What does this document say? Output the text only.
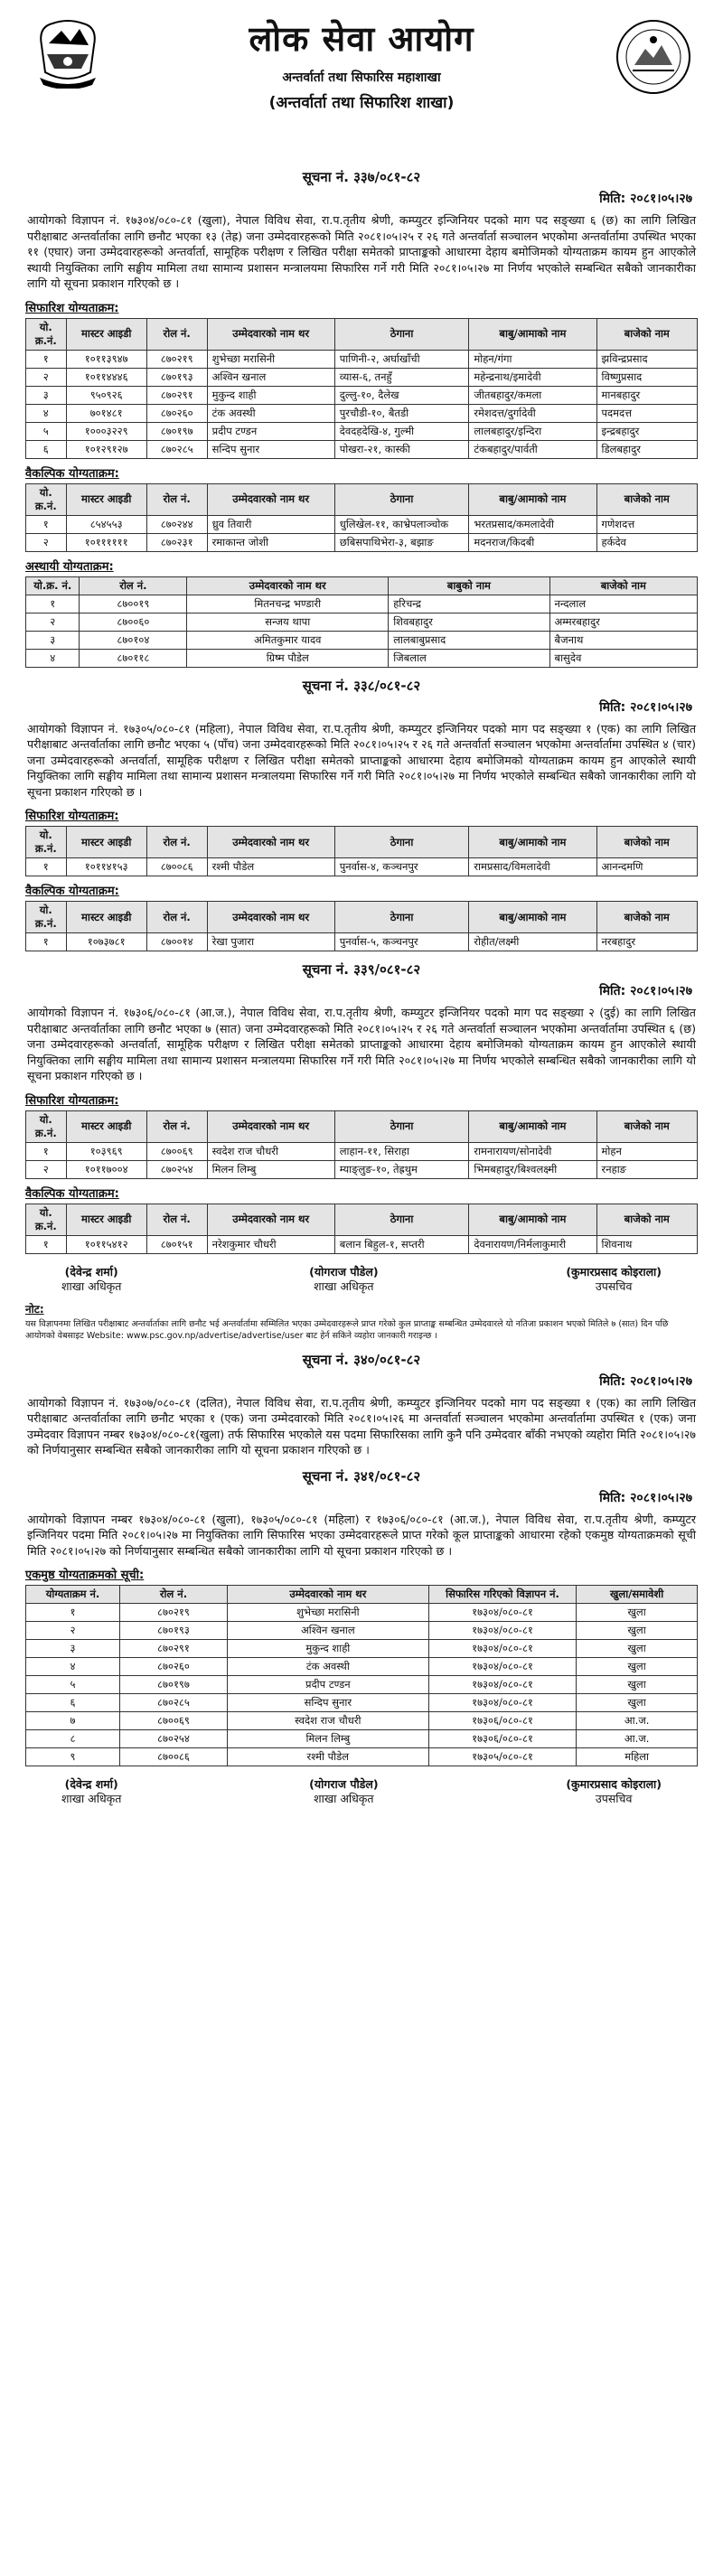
लोक सेवा आयोग
अन्तर्वार्ता तथा सिफारिस महाशाखा
(अन्तर्वार्ता तथा सिफारिश शाखा)
सूचना नं. ३३७/०८१-८२
मिति: २०८१।०५।२७

आयोगको विज्ञापन नं. १७३०४/०८०-८१ (खुला), नेपाल विविध सेवा, रा.प.तृतीय श्रेणी, कम्प्युटर इन्जिनियर पदको माग पद सङ्ख्या ६ (छ) का लागि लिखित परीक्षाबाट अन्तर्वार्ताका लागि छनौट भएका १३ (तेह्र) जना उम्मेदवारहरूको मिति २०८१।०५।२५ र २६ गते अन्तर्वार्ता सञ्चालन भएकोमा अन्तर्वार्तामा उपस्थित भएका ११ (एघार) जना उम्मेदवारहरूको अन्तर्वार्ता, सामूहिक परीक्षण र लिखित परीक्षा समेतको प्राप्ताङ्कको आधारमा देहाय बमोजिमको योग्यताक्रम कायम हुन आएकोले स्थायी नियुक्तिका लागि सङ्घीय मामिला तथा सामान्य प्रशासन मन्त्रालयमा सिफारिस गर्ने गरी मिति २०८१।०५।२७ मा निर्णय भएकोले सम्बन्धित सबैको जानकारीका लागि यो सूचना प्रकाशन गरिएको छ ।

सिफारिश योग्यताक्रम:
यो. क्र.नं.	मास्टर आइडी	रोल नं.	उम्मेदवारको नाम थर	ठेगाना	बाबु/आमाको नाम	बाजेको नाम
१	१०११३९४७	८७०२१९	शुभेच्छा मरासिनी	पाणिनी-२, अर्घाखाँची	मोहन/गंगा	झविन्द्रप्रसाद
२	१०११४४४६	८७०१९३	अश्विन खनाल	व्यास-६, तनहुँ	महेन्द्रनाथ/इमादेवी	विष्णुप्रसाद
३	९५०९२६	८७०२९१	मुकुन्द शाही	दुल्लु-१०, दैलेख	जीतबहादुर/कमला	मानबहादुर
४	७०१४८१	८७०२६०	टंक अवस्थी	पुरचौडी-१०, बैतडी	रमेशदत्त/दुर्गादेवी	पदमदत्त
५	१०००३२२९	८७०१९७	प्रदीप टण्डन	देवदहदेखि-४, गुल्मी	लालबहादुर/इन्दिरा	इन्द्रबहादुर
६	१०१२९१२७	८७०२८५	सन्दिप सुनार	पोखरा-२१, कास्की	टंकबहादुर/पार्वती	डिलबहादुर
वैकल्पिक योग्यताक्रम:
यो. क्र.नं.	मास्टर आइडी	रोल नं.	उम्मेदवारको नाम थर	ठेगाना	बाबु/आमाको नाम	बाजेको नाम
१	८५४५५३	८७०२४४	ध्रुव तिवारी	धुलिखेल-११, काभ्रेपलाञ्चोक	भरतप्रसाद/कमलादेवी	गणेशदत्त
२	१०११११११	८७०२३१	रमाकान्त जोशी	छबिसपाथिभेरा-३, बझाङ	मदनराज/किदबी	हर्कदेव
अस्थायी योग्यताक्रम:
यो.क्र. नं.	रोल नं.	उम्मेदवारको नाम थर	बाबुको नाम	बाजेको नाम
१	८७००१९	मितनचन्द्र भण्डारी	हरिचन्द्र	नन्दलाल
२	८७००६०	सन्जय थापा	शिवबहादुर	अम्मरबहादुर
३	८७०१०४	अमितकुमार यादव	लालबाबुप्रसाद	बैजनाथ
४	८७०११८	ग्रिष्म पौडेल	जिबलाल	बासुदेव
सूचना नं. ३३८/०८१-८२
मिति: २०८१।०५।२७

आयोगको विज्ञापन नं. १७३०५/०८०-८१ (महिला), नेपाल विविध सेवा, रा.प.तृतीय श्रेणी, कम्प्युटर इन्जिनियर पदको माग पद सङ्ख्या १ (एक) का लागि लिखित परीक्षाबाट अन्तर्वार्ताका लागि छनौट भएका ५ (पाँच) जना उम्मेदवारहरूको मिति २०८१।०५।२५ र २६ गते अन्तर्वार्ता सञ्चालन भएकोमा अन्तर्वार्तामा उपस्थित ४ (चार) जना उम्मेदवारहरूको अन्तर्वार्ता, सामूहिक परीक्षण र लिखित परीक्षा समेतको प्राप्ताङ्कको आधारमा देहाय बमोजिमको योग्यताक्रम कायम हुन आएकोले स्थायी नियुक्तिका लागि सङ्घीय मामिला तथा सामान्य प्रशासन मन्त्रालयमा सिफारिस गर्ने गरी मिति २०८१।०५।२७ मा निर्णय भएकोले सम्बन्धित सबैको जानकारीका लागि यो सूचना प्रकाशन गरिएको छ ।

सिफारिश योग्यताक्रम:
यो. क्र.नं.	मास्टर आइडी	रोल नं.	उम्मेदवारको नाम थर	ठेगाना	बाबु/आमाको नाम	बाजेको नाम
१	१०११४१५३	८७००८६	रश्मी पौडेल	पुनर्वास-४, कञ्चनपुर	रामप्रसाद/विमलादेवी	आनन्दमणि
वैकल्पिक योग्यताक्रम:
यो. क्र.नं.	मास्टर आइडी	रोल नं.	उम्मेदवारको नाम थर	ठेगाना	बाबु/आमाको नाम	बाजेको नाम
१	१०७३७८१	८७००१४	रेखा पुजारा	पुनर्वास-५, कञ्चनपुर	रोहीत/लक्ष्मी	नरबहादुर
सूचना नं. ३३९/०८१-८२
मिति: २०८१।०५।२७

आयोगको विज्ञापन नं. १७३०६/०८०-८१ (आ.ज.), नेपाल विविध सेवा, रा.प.तृतीय श्रेणी, कम्प्युटर इन्जिनियर पदको माग पद सङ्ख्या २ (दुई) का लागि लिखित परीक्षाबाट अन्तर्वार्ताका लागि छनौट भएका ७ (सात) जना उम्मेदवारहरूको मिति २०८१।०५।२५ र २६ गते अन्तर्वार्ता सञ्चालन भएकोमा अन्तर्वार्तामा उपस्थित ६ (छ) जना उम्मेदवारहरूको अन्तर्वार्ता, सामूहिक परीक्षण र लिखित परीक्षा समेतको प्राप्ताङ्कको आधारमा देहाय बमोजिमको योग्यताक्रम कायम हुन आएकोले स्थायी नियुक्तिका लागि सङ्घीय मामिला तथा सामान्य प्रशासन मन्त्रालयमा सिफारिस गर्ने गरी मिति २०८१।०५।२७ मा निर्णय भएकोले सम्बन्धित सबैको जानकारीका लागि यो सूचना प्रकाशन गरिएको छ ।

सिफारिश योग्यताक्रम:
यो. क्र.नं.	मास्टर आइडी	रोल नं.	उम्मेदवारको नाम थर	ठेगाना	बाबु/आमाको नाम	बाजेको नाम
१	१०३९६९	८७००६९	स्वदेश राज चौधरी	लाहान-११, सिराहा	रामनारायण/सोनादेवी	मोहन
२	१०११७००४	८७०२५४	मिलन लिम्बु	म्याङ्लुङ-१०, तेह्रथुम	भिमबहादुर/बिश्वलक्ष्मी	रनहाङ
वैकल्पिक योग्यताक्रम:
यो. क्र.नं.	मास्टर आइडी	रोल नं.	उम्मेदवारको नाम थर	ठेगाना	बाबु/आमाको नाम	बाजेको नाम
१	१०११५४१२	८७०१५१	नरेशकुमार चौधरी	बलान बिहुल-१, सप्तरी	देवनारायण/निर्मलाकुमारी	शिवनाथ
(देवेन्द्र शर्मा)
शाखा अधिकृत
(योगराज पौडेल)
शाखा अधिकृत
(कुमारप्रसाद कोइराला)
उपसचिव
नोट:

यस विज्ञापनमा लिखित परीक्षाबाट अन्तर्वार्ताका लागि छनौट भई अन्तर्वार्तामा सम्मिलित भएका उम्मेदवारहरूले प्राप्त गरेको कुल प्राप्ताङ्क सम्बन्धित उम्मेदवारले यो नतिजा प्रकाशन भएको मितिले ७ (सात) दिन पछि आयोगको वेबसाइट Website: www.psc.gov.np/advertise/advertise/user बाट हेर्न सकिने व्यहोरा जानकारी गराइन्छ ।

सूचना नं. ३४०/०८१-८२
मिति: २०८१।०५।२७

आयोगको विज्ञापन नं. १७३०७/०८०-८१ (दलित), नेपाल विविध सेवा, रा.प.तृतीय श्रेणी, कम्प्युटर इन्जिनियर पदको माग पद सङ्ख्या १ (एक) का लागि लिखित परीक्षाबाट अन्तर्वार्ताका लागि छनौट भएका १ (एक) जना उम्मेदवारको मिति २०८१।०५।२६ मा अन्तर्वार्ता सञ्चालन भएकोमा अन्तर्वार्तामा उपस्थित १ (एक) जना उम्मेदवार विज्ञापन नम्बर १७३०४/०८०-८१(खुला) तर्फ सिफारिस भएकोले यस पदमा सिफारिसका लागि कुनै पनि उम्मेदवार बाँकी नभएको व्यहोरा मिति २०८१।०५।२७ को निर्णयानुसार सम्बन्धित सबैको जानकारीका लागि यो सूचना प्रकाशन गरिएको छ ।

सूचना नं. ३४१/०८१-८२
मिति: २०८१।०५।२७

आयोगको विज्ञापन नम्बर १७३०४/०८०-८१ (खुला), १७३०५/०८०-८१ (महिला) र १७३०६/०८०-८१ (आ.ज.), नेपाल विविध सेवा, रा.प.तृतीय श्रेणी, कम्प्युटर इन्जिनियर पदमा मिति २०८१।०५।२७ मा नियुक्तिका लागि सिफारिस भएका उम्मेदवारहरूले प्राप्त गरेको कूल प्राप्ताङ्कको आधारमा रहेको एकमुष्ठ योग्यताक्रमको सूची मिति २०८१।०५।२७ को निर्णयानुसार सम्बन्धित सबैको जानकारीका लागि यो सूचना प्रकाशन गरिएको छ ।

एकमुष्ठ योग्यताक्रमको सूची:
योग्यताक्रम नं.	रोल नं.	उम्मेदवारको नाम थर	सिफारिस गरिएको विज्ञापन नं.	खुला/समावेशी
१	८७०२१९	शुभेच्छा मरासिनी	१७३०४/०८०-८१	खुला
२	८७०१९३	अश्विन खनाल	१७३०४/०८०-८१	खुला
३	८७०२९१	मुकुन्द शाही	१७३०४/०८०-८१	खुला
४	८७०२६०	टंक अवस्थी	१७३०४/०८०-८१	खुला
५	८७०१९७	प्रदीप टण्डन	१७३०४/०८०-८१	खुला
६	८७०२८५	सन्दिप सुनार	१७३०४/०८०-८१	खुला
७	८७००६९	स्वदेश राज चौधरी	१७३०६/०८०-८१	आ.ज.
८	८७०२५४	मिलन लिम्बु	१७३०६/०८०-८१	आ.ज.
९	८७००८६	रश्मी पौडेल	१७३०५/०८०-८१	महिला
(देवेन्द्र शर्मा)
शाखा अधिकृत
(योगराज पौडेल)
शाखा अधिकृत
(कुमारप्रसाद कोइराला)
उपसचिव
